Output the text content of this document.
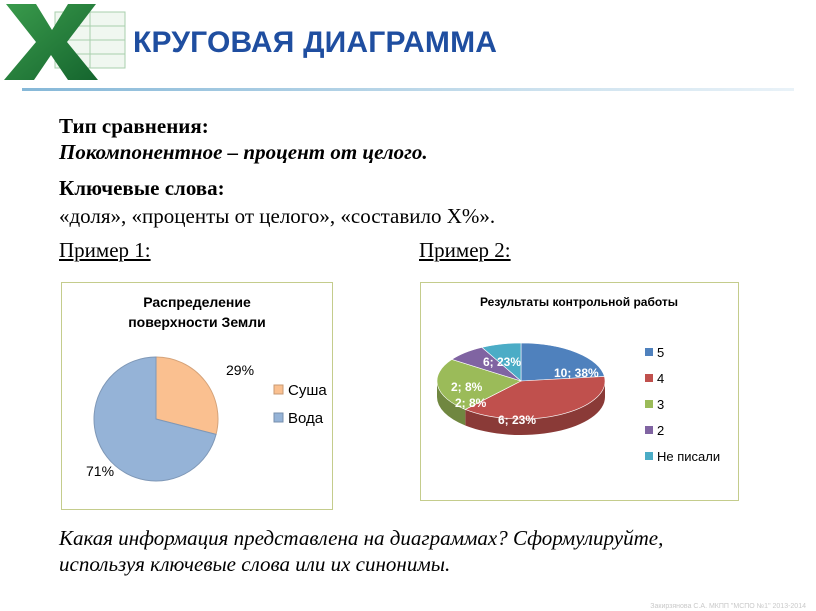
КРУГОВАЯ ДИАГРАММА
Тип сравнения:
Покомпонентное – процент от целого.
Ключевые слова:
«доля», «проценты от целого», «составило X%».
Пример 1:	Пример 2:
Распределение
поверхности Земли
29%
71%
Суша
Вода
Результаты контрольной работы
6; 23%
10; 38%
6; 23%
2; 8%
2; 8%
5
4
3
2
Не писали
Какая информация представлена на диаграммах? Сформулируйте,
используя ключевые слова или их синонимы.
Закирзянова С.А. МКПП "МСПО №1" 2013-2014
